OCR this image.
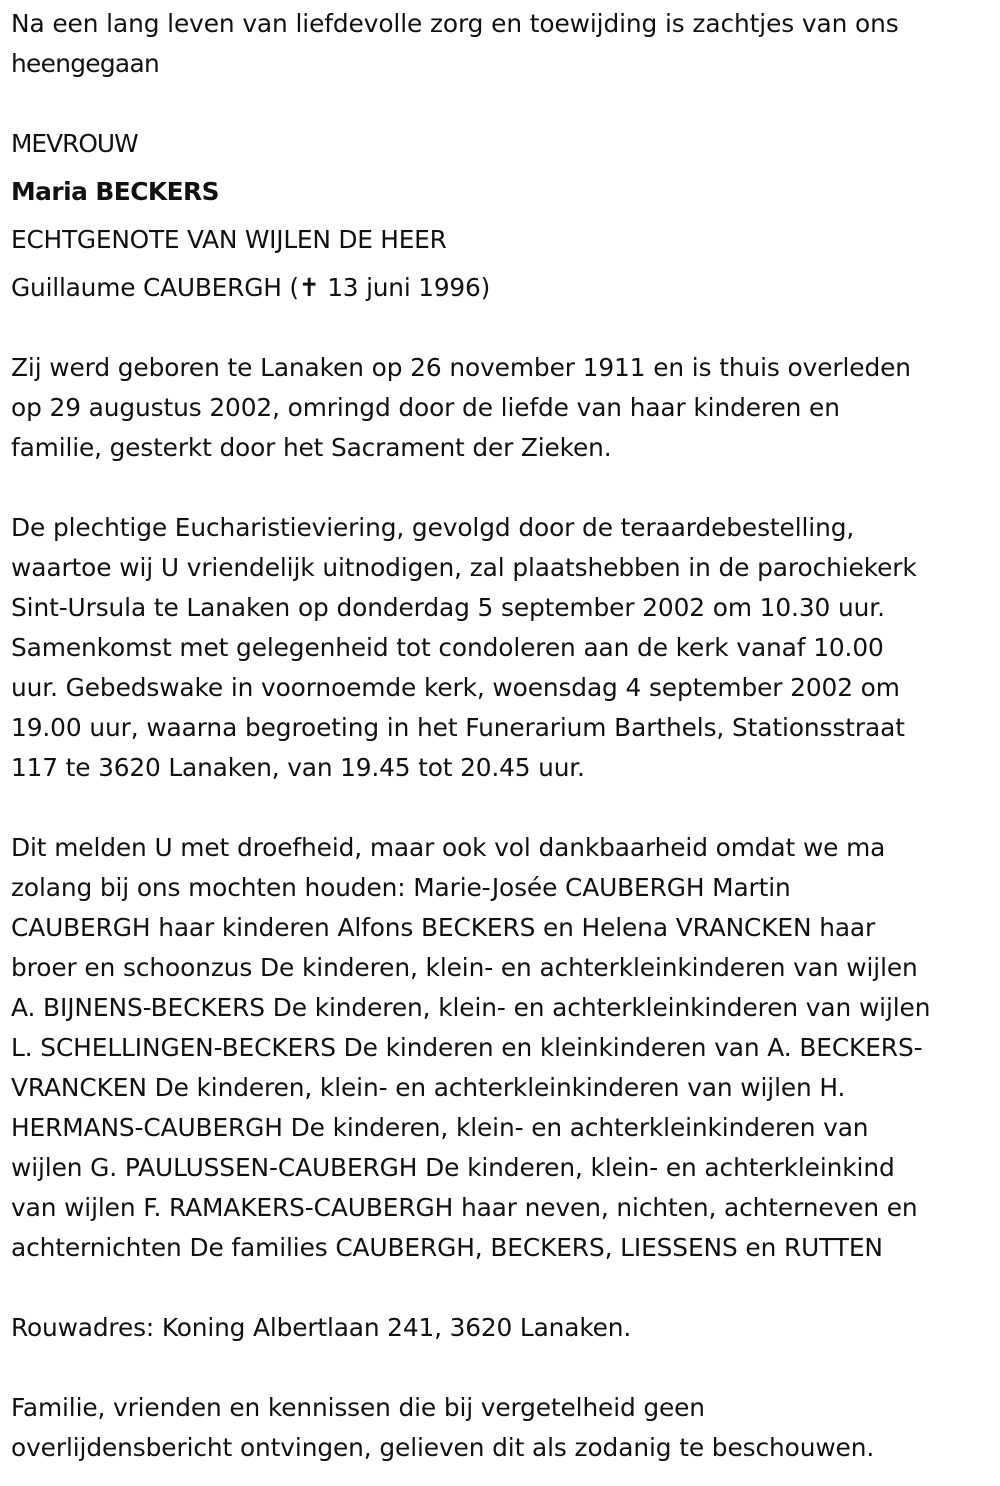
Na een lang leven van liefdevolle zorg en toewijding is zachtjes van ons

heengegaan

MEVROUW

Maria BECKERS

ECHTGENOTE VAN WIJLEN DE HEER

Guillaume CAUBERGH (✝ 13 juni 1996)

Zij werd geboren te Lanaken op 26 november 1911 en is thuis overleden

op 29 augustus 2002, omringd door de liefde van haar kinderen en

familie, gesterkt door het Sacrament der Zieken.

De plechtige Eucharistieviering, gevolgd door de teraardebestelling,

waartoe wij U vriendelijk uitnodigen, zal plaatshebben in de parochiekerk

Sint-Ursula te Lanaken op donderdag 5 september 2002 om 10.30 uur.

Samenkomst met gelegenheid tot condoleren aan de kerk vanaf 10.00

uur. Gebedswake in voornoemde kerk, woensdag 4 september 2002 om

19.00 uur, waarna begroeting in het Funerarium Barthels, Stationsstraat

117 te 3620 Lanaken, van 19.45 tot 20.45 uur.

Dit melden U met droefheid, maar ook vol dankbaarheid omdat we ma

zolang bij ons mochten houden: Marie-Josée CAUBERGH Martin

CAUBERGH haar kinderen Alfons BECKERS en Helena VRANCKEN haar

broer en schoonzus De kinderen, klein- en achterkleinkinderen van wijlen

A. BIJNENS-BECKERS De kinderen, klein- en achterkleinkinderen van wijlen

L. SCHELLINGEN-BECKERS De kinderen en kleinkinderen van A. BECKERS-

VRANCKEN De kinderen, klein- en achterkleinkinderen van wijlen H.

HERMANS-CAUBERGH De kinderen, klein- en achterkleinkinderen van

wijlen G. PAULUSSEN-CAUBERGH De kinderen, klein- en achterkleinkind

van wijlen F. RAMAKERS-CAUBERGH haar neven, nichten, achterneven en

achternichten De families CAUBERGH, BECKERS, LIESSENS en RUTTEN

Rouwadres: Koning Albertlaan 241, 3620 Lanaken.

Familie, vrienden en kennissen die bij vergetelheid geen

overlijdensbericht ontvingen, gelieven dit als zodanig te beschouwen.
